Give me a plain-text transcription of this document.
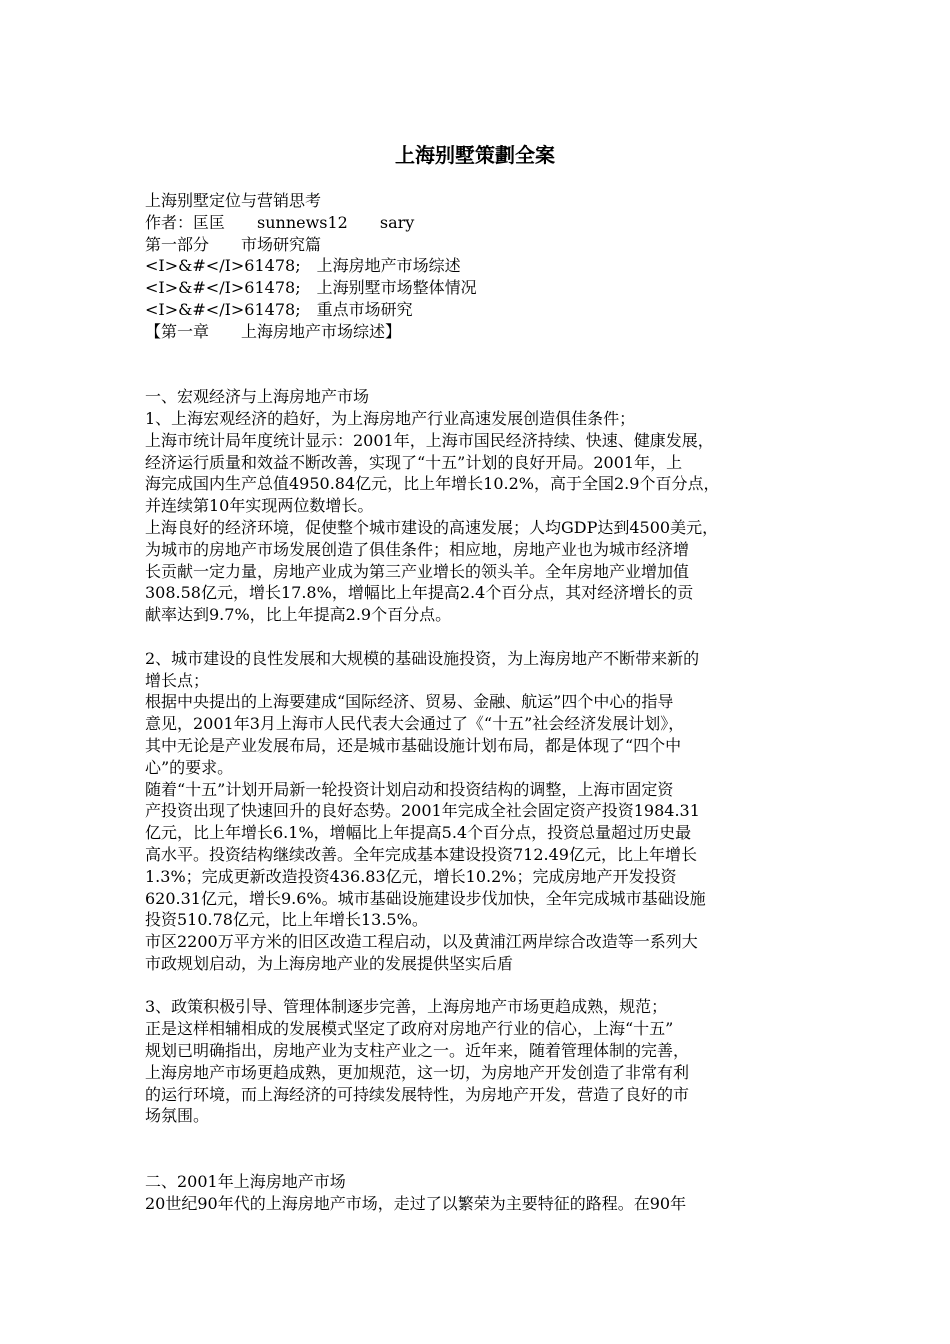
上海别墅策劃全案
上海别墅定位与营销思考
作者：匡匡　　sunnews12　　sary
第一部分　　市场研究篇
<I>&#</I>61478;　上海房地产市场综述
<I>&#</I>61478;　上海别墅市场整体情况
<I>&#</I>61478;　重点市场研究
【第一章　　上海房地产市场综述】
一、宏观经济与上海房地产市场
1、上海宏观经济的趋好，为上海房地产行业高速发展创造俱佳条件；
上海市统计局年度统计显示：2001年，上海市国民经济持续、快速、健康发展，
经济运行质量和效益不断改善，实现了“十五”计划的良好开局。2001年，上
海完成国内生产总值4950.84亿元，比上年增长10.2%，高于全国2.9个百分点，
并连续第10年实现两位数增长。
上海良好的经济环境，促使整个城市建设的高速发展；人均GDP达到4500美元，
为城市的房地产市场发展创造了俱佳条件；相应地，房地产业也为城市经济增
长贡献一定力量，房地产业成为第三产业增长的领头羊。全年房地产业增加值
308.58亿元，增长17.8%，增幅比上年提高2.4个百分点，其对经济增长的贡
献率达到9.7%，比上年提高2.9个百分点。
2、城市建设的良性发展和大规模的基础设施投资，为上海房地产不断带来新的
增长点；
根据中央提出的上海要建成“国际经济、贸易、金融、航运”四个中心的指导
意见，2001年3月上海市人民代表大会通过了《“十五”社会经济发展计划》，
其中无论是产业发展布局，还是城市基础设施计划布局，都是体现了“四个中
心”的要求。
随着“十五”计划开局新一轮投资计划启动和投资结构的调整，上海市固定资
产投资出现了快速回升的良好态势。2001年完成全社会固定资产投资1984.31
亿元，比上年增长6.1%，增幅比上年提高5.4个百分点，投资总量超过历史最
高水平。投资结构继续改善。全年完成基本建设投资712.49亿元，比上年增长
1.3%；完成更新改造投资436.83亿元，增长10.2%；完成房地产开发投资
620.31亿元，增长9.6%。城市基础设施建设步伐加快，全年完成城市基础设施
投资510.78亿元，比上年增长13.5%。
市区2200万平方米的旧区改造工程启动，以及黄浦江两岸综合改造等一系列大
市政规划启动，为上海房地产业的发展提供坚实后盾
3、政策积极引导、管理体制逐步完善，上海房地产市场更趋成熟，规范；
正是这样相辅相成的发展模式坚定了政府对房地产行业的信心，上海“十五”
规划已明确指出，房地产业为支柱产业之一。近年来，随着管理体制的完善，
上海房地产市场更趋成熟，更加规范，这一切，为房地产开发创造了非常有利
的运行环境，而上海经济的可持续发展特性，为房地产开发，营造了良好的市
场氛围。
二、2001年上海房地产市场
20世纪90年代的上海房地产市场，走过了以繁荣为主要特征的路程。在90年
